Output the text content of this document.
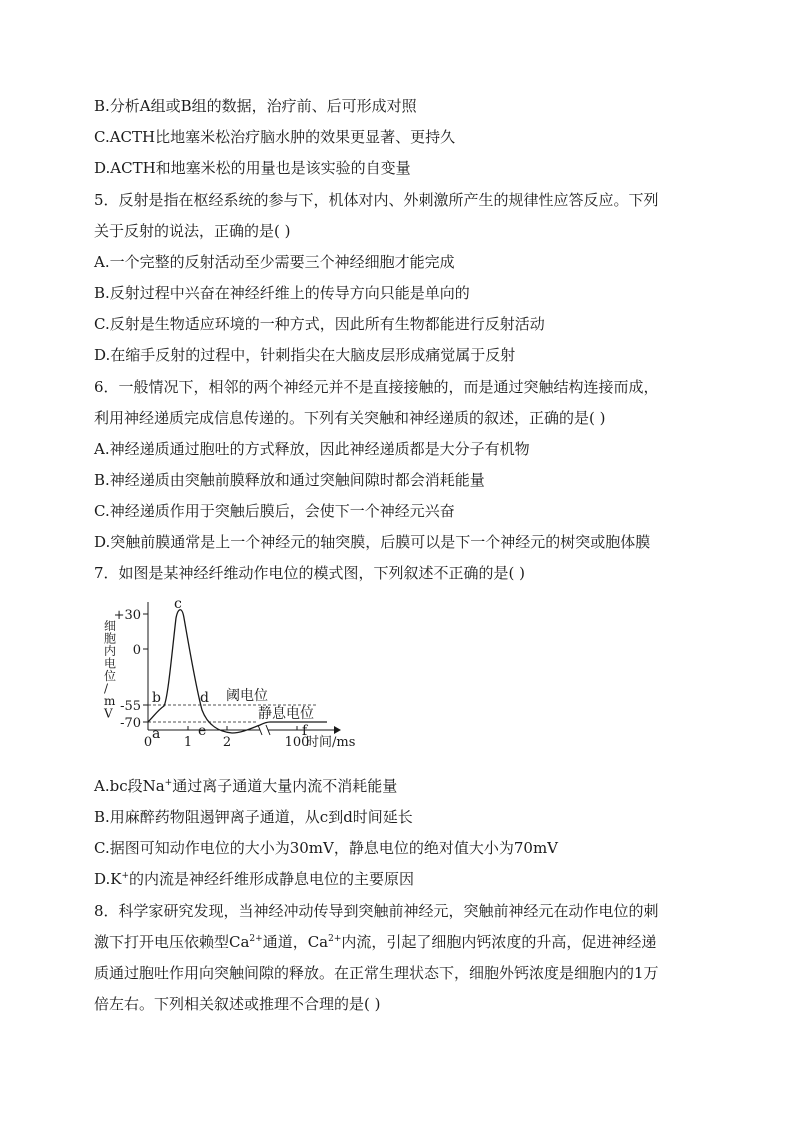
B.分析A组或B组的数据，治疗前、后可形成对照
C.ACTH比地塞米松治疗脑水肿的效果更显著、更持久
D.ACTH和地塞米松的用量也是该实验的自变量
5．反射是指在枢经系统的参与下，机体对内、外刺激所产生的规律性应答反应。下列
关于反射的说法，正确的是( )
A.一个完整的反射活动至少需要三个神经细胞才能完成
B.反射过程中兴奋在神经纤维上的传导方向只能是单向的
C.反射是生物适应环境的一种方式，因此所有生物都能进行反射活动
D.在缩手反射的过程中，针刺指尖在大脑皮层形成痛觉属于反射
6．一般情况下，相邻的两个神经元并不是直接接触的，而是通过突触结构连接而成，
利用神经递质完成信息传递的。下列有关突触和神经递质的叙述，正确的是( )
A.神经递质通过胞吐的方式释放，因此神经递质都是大分子有机物
B.神经递质由突触前膜释放和通过突触间隙时都会消耗能量
C.神经递质作用于突触后膜后，会使下一个神经元兴奋
D.突触前膜通常是上一个神经元的轴突膜，后膜可以是下一个神经元的树突或胞体膜
7．如图是某神经纤维动作电位的模式图，下列叙述不正确的是( )
+30
0
-55
-70
0 1 2	100
时间/ms
细胞内电位/ m V
a
b
c
d
e	f
阈电位
静息电位
A.bc段Na+通过离子通道大量内流不消耗能量
B.用麻醉药物阻遏钾离子通道，从c到d时间延长
C.据图可知动作电位的大小为30mV，静息电位的绝对值大小为70mV
D.K+的内流是神经纤维形成静息电位的主要原因
8．科学家研究发现，当神经冲动传导到突触前神经元，突触前神经元在动作电位的刺
激下打开电压依赖型$Ca^{2+}$通道，$Ca^{2+}$内流，引起了细胞内钙浓度的升高，促进神经递
质通过胞吐作用向突触间隙的释放。在正常生理状态下，细胞外钙浓度是细胞内的1万
倍左右。下列相关叙述或推理不合理的是( )
